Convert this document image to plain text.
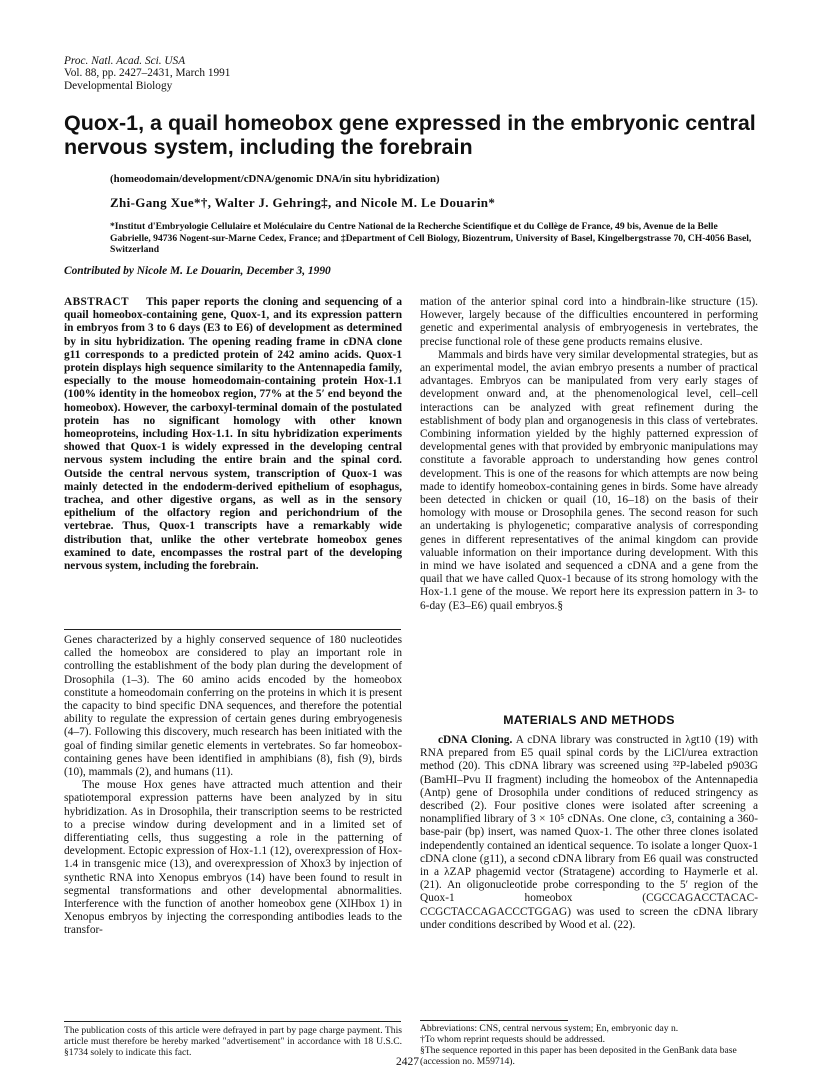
Proc. Natl. Acad. Sci. USA
Vol. 88, pp. 2427–2431, March 1991
Developmental Biology
Quox-1, a quail homeobox gene expressed in the embryonic central nervous system, including the forebrain
(homeodomain/development/cDNA/genomic DNA/in situ hybridization)
Zhi-Gang Xue*†, Walter J. Gehring‡, and Nicole M. Le Douarin*
*Institut d'Embryologie Cellulaire et Moléculaire du Centre National de la Recherche Scientifique et du Collège de France, 49 bis, Avenue de la Belle Gabrielle, 94736 Nogent-sur-Marne Cedex, France; and ‡Department of Cell Biology, Biozentrum, University of Basel, Kingelbergstrasse 70, CH-4056 Basel, Switzerland
Contributed by Nicole M. Le Douarin, December 3, 1990

ABSTRACT This paper reports the cloning and sequencing of a quail homeobox-containing gene, Quox-1, and its expression pattern in embryos from 3 to 6 days (E3 to E6) of development as determined by in situ hybridization. The opening reading frame in cDNA clone g11 corresponds to a predicted protein of 242 amino acids. Quox-1 protein displays high sequence similarity to the Antennapedia family, especially to the mouse homeodomain-containing protein Hox-1.1 (100% identity in the homeobox region, 77% at the 5′ end beyond the homeobox). However, the carboxyl-terminal domain of the postulated protein has no significant homology with other known homeoproteins, including Hox-1.1. In situ hybridization experiments showed that Quox-1 is widely expressed in the developing central nervous system including the entire brain and the spinal cord. Outside the central nervous system, transcription of Quox-1 was mainly detected in the endoderm-derived epithelium of esophagus, trachea, and other digestive organs, as well as in the sensory epithelium of the olfactory region and perichondrium of the vertebrae. Thus, Quox-1 transcripts have a remarkably wide distribution that, unlike the other vertebrate homeobox genes examined to date, encompasses the rostral part of the developing nervous system, including the forebrain.

Genes characterized by a highly conserved sequence of 180 nucleotides called the homeobox are considered to play an important role in controlling the establishment of the body plan during the development of Drosophila (1–3). The 60 amino acids encoded by the homeobox constitute a homeodomain conferring on the proteins in which it is present the capacity to bind specific DNA sequences, and therefore the potential ability to regulate the expression of certain genes during embryogenesis (4–7). Following this discovery, much research has been initiated with the goal of finding similar genetic elements in vertebrates. So far homeobox-containing genes have been identified in amphibians (8), fish (9), birds (10), mammals (2), and humans (11).

The mouse Hox genes have attracted much attention and their spatiotemporal expression patterns have been analyzed by in situ hybridization. As in Drosophila, their transcription seems to be restricted to a precise window during development and in a limited set of differentiating cells, thus suggesting a role in the patterning of development. Ectopic expression of Hox-1.1 (12), overexpression of Hox-1.4 in transgenic mice (13), and overexpression of Xhox3 by injection of synthetic RNA into Xenopus embryos (14) have been found to result in segmental transformations and other developmental abnormalities. Interference with the function of another homeobox gene (XlHbox 1) in Xenopus embryos by injecting the corresponding antibodies leads to the transfor-

The publication costs of this article were defrayed in part by page charge payment. This article must therefore be hereby marked "advertisement" in accordance with 18 U.S.C. §1734 solely to indicate this fact.

mation of the anterior spinal cord into a hindbrain-like structure (15). However, largely because of the difficulties encountered in performing genetic and experimental analysis of embryogenesis in vertebrates, the precise functional role of these gene products remains elusive.

Mammals and birds have very similar developmental strategies, but as an experimental model, the avian embryo presents a number of practical advantages. Embryos can be manipulated from very early stages of development onward and, at the phenomenological level, cell–cell interactions can be analyzed with great refinement during the establishment of body plan and organogenesis in this class of vertebrates. Combining information yielded by the highly patterned expression of developmental genes with that provided by embryonic manipulations may constitute a favorable approach to understanding how genes control development. This is one of the reasons for which attempts are now being made to identify homeobox-containing genes in birds. Some have already been detected in chicken or quail (10, 16–18) on the basis of their homology with mouse or Drosophila genes. The second reason for such an undertaking is phylogenetic; comparative analysis of corresponding genes in different representatives of the animal kingdom can provide valuable information on their importance during development. With this in mind we have isolated and sequenced a cDNA and a gene from the quail that we have called Quox-1 because of its strong homology with the Hox-1.1 gene of the mouse. We report here its expression pattern in 3- to 6-day (E3–E6) quail embryos.§

MATERIALS AND METHODS

cDNA Cloning. A cDNA library was constructed in λgt10 (19) with RNA prepared from E5 quail spinal cords by the LiCl/urea extraction method (20). This cDNA library was screened using ³²P-labeled p903G (BamHI–Pvu II fragment) including the homeobox of the Antennapedia (Antp) gene of Drosophila under conditions of reduced stringency as described (2). Four positive clones were isolated after screening a nonamplified library of 3 × 10⁵ cDNAs. One clone, c3, containing a 360-base-pair (bp) insert, was named Quox-1. The other three clones isolated independently contained an identical sequence. To isolate a longer Quox-1 cDNA clone (g11), a second cDNA library from E6 quail was constructed in a λZAP phagemid vector (Stratagene) according to Haymerle et al. (21). An oligonucleotide probe corresponding to the 5′ region of the Quox-1 homeobox (CGCCAGACCTACAC-CCGCTACCAGACCCTGGAG) was used to screen the cDNA library under conditions described by Wood et al. (22).

Abbreviations: CNS, central nervous system; En, embryonic day n.
†To whom reprint requests should be addressed.
§The sequence reported in this paper has been deposited in the GenBank data base (accession no. M59714).
2427
